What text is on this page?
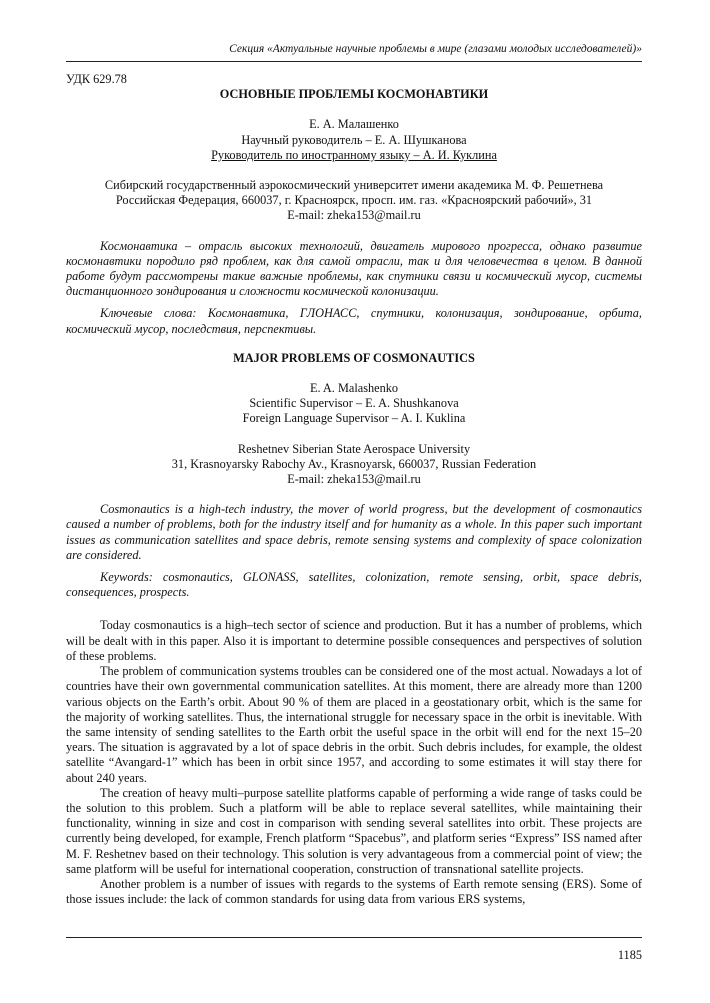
Секция «Актуальные научные проблемы в мире (глазами молодых исследователей)»

УДК 629.78

ОСНОВНЫЕ ПРОБЛЕМЫ КОСМОНАВТИКИ

Е. А. Малашенко

Научный руководитель – Е. А. Шушканова

Руководитель по иностранному языку – А. И. Куклина

Сибирский государственный аэрокосмический университет имени академика М. Ф. Решетнева

Российская Федерация, 660037, г. Красноярск, просп. им. газ. «Красноярский рабочий», 31

E-mail: zheka153@mail.ru

Космонавтика – отрасль высоких технологий, двигатель мирового прогресса, однако развитие космонавтики породило ряд проблем, как для самой отрасли, так и для человечества в целом. В данной работе будут рассмотрены такие важные проблемы, как спутники связи и космический мусор, системы дистанционного зондирования и сложности космической колонизации.

Ключевые слова: Космонавтика, ГЛОНАСС, спутники, колонизация, зондирование, орбита, космический мусор, последствия, перспективы.

MAJOR PROBLEMS OF COSMONAUTICS

E. A. Malashenko

Scientific Supervisor – E. A. Shushkanova

Foreign Language Supervisor – A. I. Kuklina

Reshetnev Siberian State Aerospace University

31, Krasnoyarsky Rabochy Av., Krasnoyarsk, 660037, Russian Federation

E-mail: zheka153@mail.ru

Cosmonautics is a high-tech industry, the mover of world progress, but the development of cosmonautics caused a number of problems, both for the industry itself and for humanity as a whole. In this paper such important issues as communication satellites and space debris, remote sensing systems and complexity of space colonization are considered.

Keywords: cosmonautics, GLONASS, satellites, colonization, remote sensing, orbit, space debris, consequences, prospects.

Today cosmonautics is a high–tech sector of science and production. But it has a number of problems, which will be dealt with in this paper. Also it is important to determine possible consequences and perspectives of solution of these problems.

The problem of communication systems troubles can be considered one of the most actual. Nowadays a lot of countries have their own governmental communication satellites. At this moment, there are already more than 1200 various objects on the Earth’s orbit. About 90 % of them are placed in a geostationary orbit, which is the same for the majority of working satellites. Thus, the international struggle for necessary space in the orbit is inevitable. With the same intensity of sending satellites to the Earth orbit the useful space in the orbit will end for the next 15–20 years. The situation is aggravated by a lot of space debris in the orbit. Such debris includes, for example, the oldest satellite “Avangard-1” which has been in orbit since 1957, and according to some estimates it will stay there for about 240 years.

The creation of heavy multi–purpose satellite platforms capable of performing a wide range of tasks could be the solution to this problem. Such a platform will be able to replace several satellites, while maintaining their functionality, winning in size and cost in comparison with sending several satellites into orbit. These projects are currently being developed, for example, French platform “Spacebus”, and platform series “Express” ISS named after M. F. Reshetnev based on their technology. This solution is very advantageous from a commercial point of view; the same platform will be useful for international cooperation, construction of transnational satellite projects.

Another problem is a number of issues with regards to the systems of Earth remote sensing (ERS). Some of those issues include: the lack of common standards for using data from various ERS systems,

1185
